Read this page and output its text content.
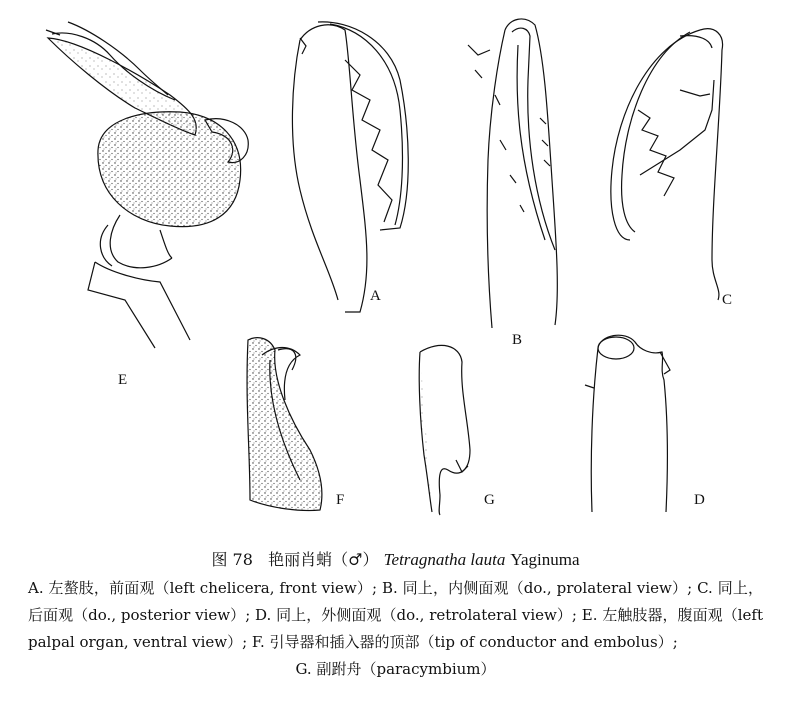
E
A
B
C
F	G	D
图 78 艳丽肖蛸（♂） Tetragnatha lauta Yaginuma
A. 左螯肢，前面观（left chelicera, front view）; B. 同上，内侧面观（do., prolateral view）; C. 同上，后面观（do., posterior view）; D. 同上，外侧面观（do., retrolateral view）; E. 左触肢器，腹面观（left palpal organ, ventral view）; F. 引导器和插入器的顶部（tip of conductor and embolus）;
G. 副跗舟（paracymbium）
